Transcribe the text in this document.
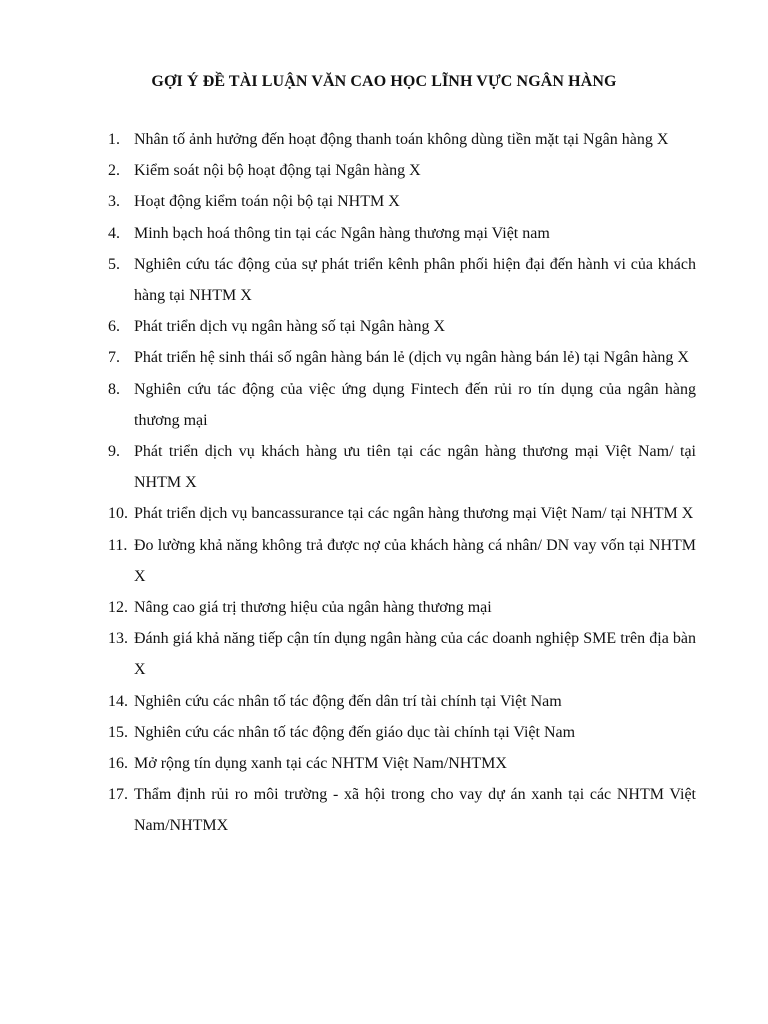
GỢI Ý ĐỀ TÀI LUẬN VĂN CAO HỌC LĨNH VỰC NGÂN HÀNG
1. Nhân tố ảnh hưởng đến hoạt động thanh toán không dùng tiền mặt tại Ngân hàng X
2. Kiểm soát nội bộ hoạt động tại Ngân hàng X
3. Hoạt động kiểm toán nội bộ tại NHTM X
4. Minh bạch hoá thông tin tại các Ngân hàng thương mại Việt nam
5. Nghiên cứu tác động của sự phát triển kênh phân phối hiện đại đến hành vi của khách hàng tại NHTM X
6. Phát triển dịch vụ ngân hàng số tại Ngân hàng X
7. Phát triển hệ sinh thái số ngân hàng bán lẻ (dịch vụ ngân hàng bán lẻ) tại Ngân hàng X
8. Nghiên cứu tác động của việc ứng dụng Fintech đến rủi ro tín dụng của ngân hàng thương mại
9. Phát triển dịch vụ khách hàng ưu tiên tại các ngân hàng thương mại Việt Nam/ tại NHTM X
10. Phát triển dịch vụ bancassurance tại các ngân hàng thương mại Việt Nam/ tại NHTM X
11. Đo lường khả năng không trả được nợ của khách hàng cá nhân/ DN vay vốn tại NHTM X
12. Nâng cao giá trị thương hiệu của ngân hàng thương mại
13. Đánh giá khả năng tiếp cận tín dụng ngân hàng của các doanh nghiệp SME trên địa bàn X
14. Nghiên cứu các nhân tố tác động đến dân trí tài chính tại Việt Nam
15. Nghiên cứu các nhân tố tác động đến giáo dục tài chính tại Việt Nam
16. Mở rộng tín dụng xanh tại các NHTM Việt Nam/NHTMX
17. Thẩm định rủi ro môi trường - xã hội trong cho vay dự án xanh tại các NHTM Việt Nam/NHTMX
